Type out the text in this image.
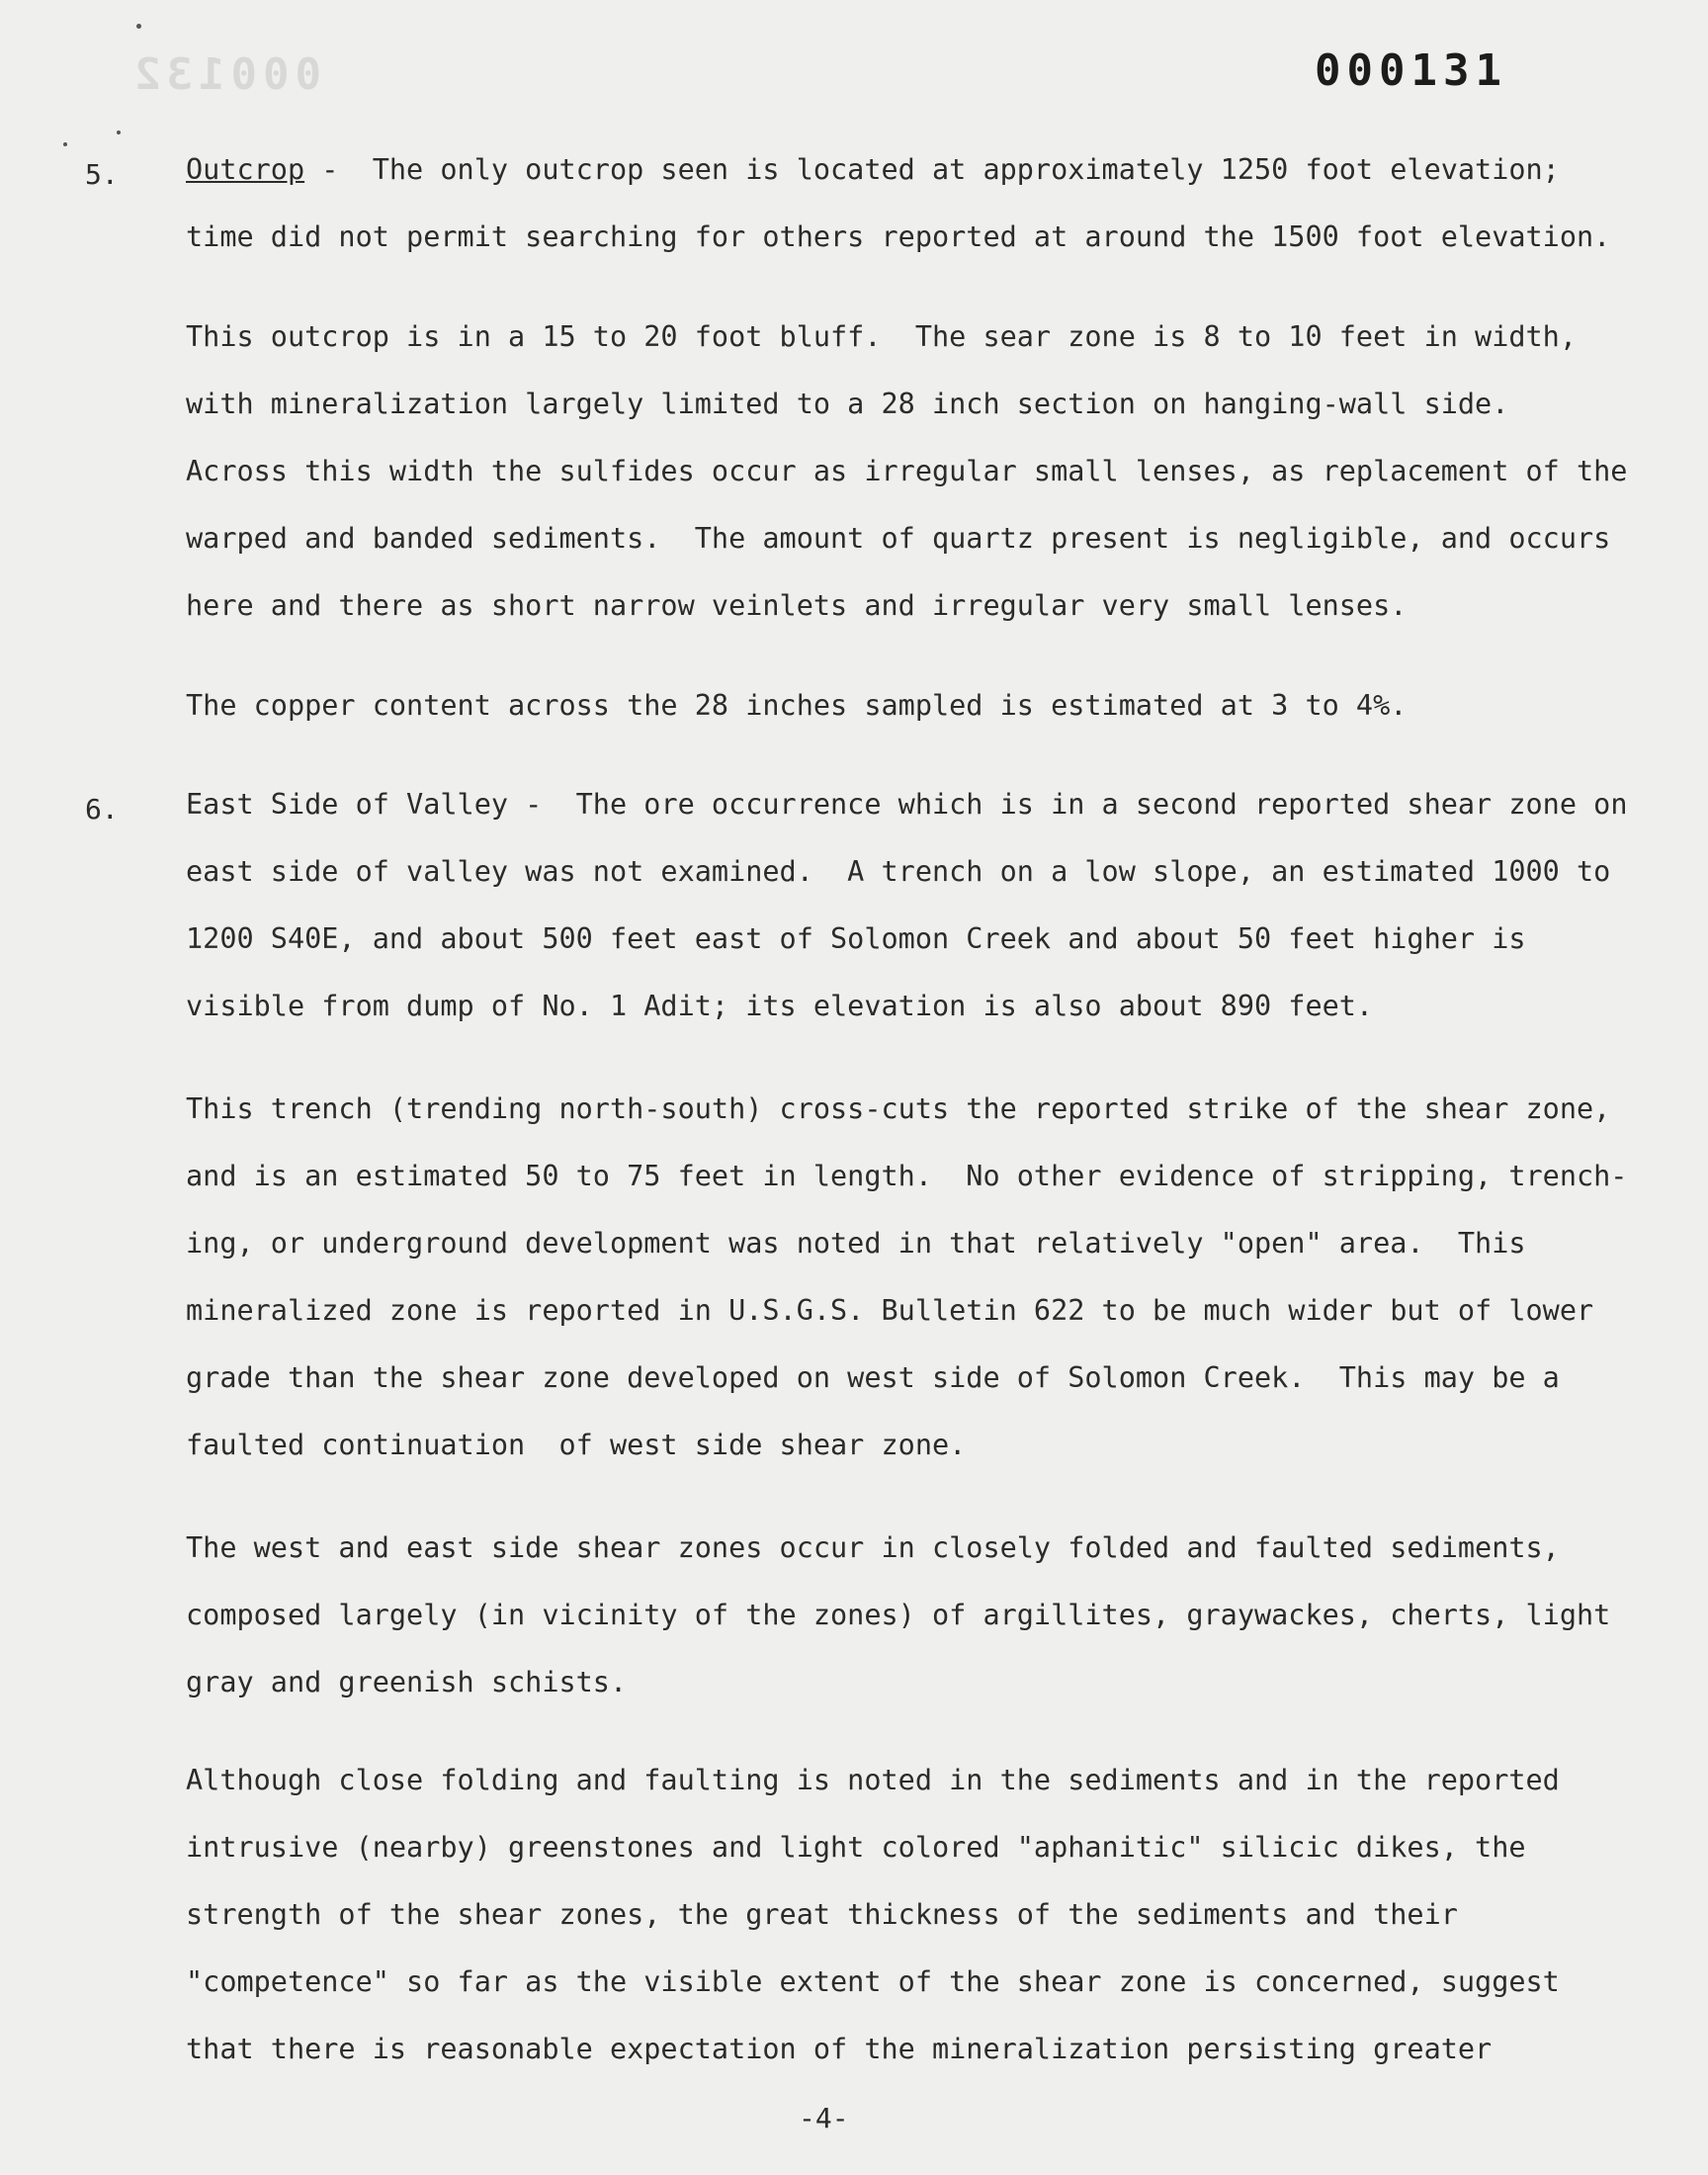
000132	000131
5. Outcrop -  The only outcrop seen is located at approximately 1250 foot elevation; time did not permit searching for others reported at around the 1500 foot elevation.
This outcrop is in a 15 to 20 foot bluff.  The sear zone is 8 to 10 feet in width, with mineralization largely limited to a 28 inch section on hanging-wall side.  Across this width the sulfides occur as irregular small lenses, as replacement of the warped and banded sediments.  The amount of quartz present is negligible, and occurs here and there as short narrow veinlets and irregular very small lenses.
The copper content across the 28 inches sampled is estimated at 3 to 4%.
6. East Side of Valley -  The ore occurrence which is in a second reported shear zone on east side of valley was not examined.  A trench on a low slope, an estimated 1000 to 1200 S40E, and about 500 feet east of Solomon Creek and about 50 feet higher is visible from dump of No. 1 Adit; its elevation is also about 890 feet.
This trench (trending north-south) cross-cuts the reported strike of the shear zone, and is an estimated 50 to 75 feet in length.  No other evidence of stripping, trench-ing, or underground development was noted in that relatively "open" area.  This mineralized zone is reported in U.S.G.S. Bulletin 622 to be much wider but of lower grade than the shear zone developed on west side of Solomon Creek.  This may be a faulted continuation  of west side shear zone.
The west and east side shear zones occur in closely folded and faulted sediments, composed largely (in vicinity of the zones) of argillites, graywackes, cherts, light gray and greenish schists.
Although close folding and faulting is noted in the sediments and in the reported intrusive (nearby) greenstones and light colored "aphanitic" silicic dikes, the strength of the shear zones, the great thickness of the sediments and their "competence" so far as the visible extent of the shear zone is concerned, suggest that there is reasonable expectation of the mineralization persisting greater
-4-
